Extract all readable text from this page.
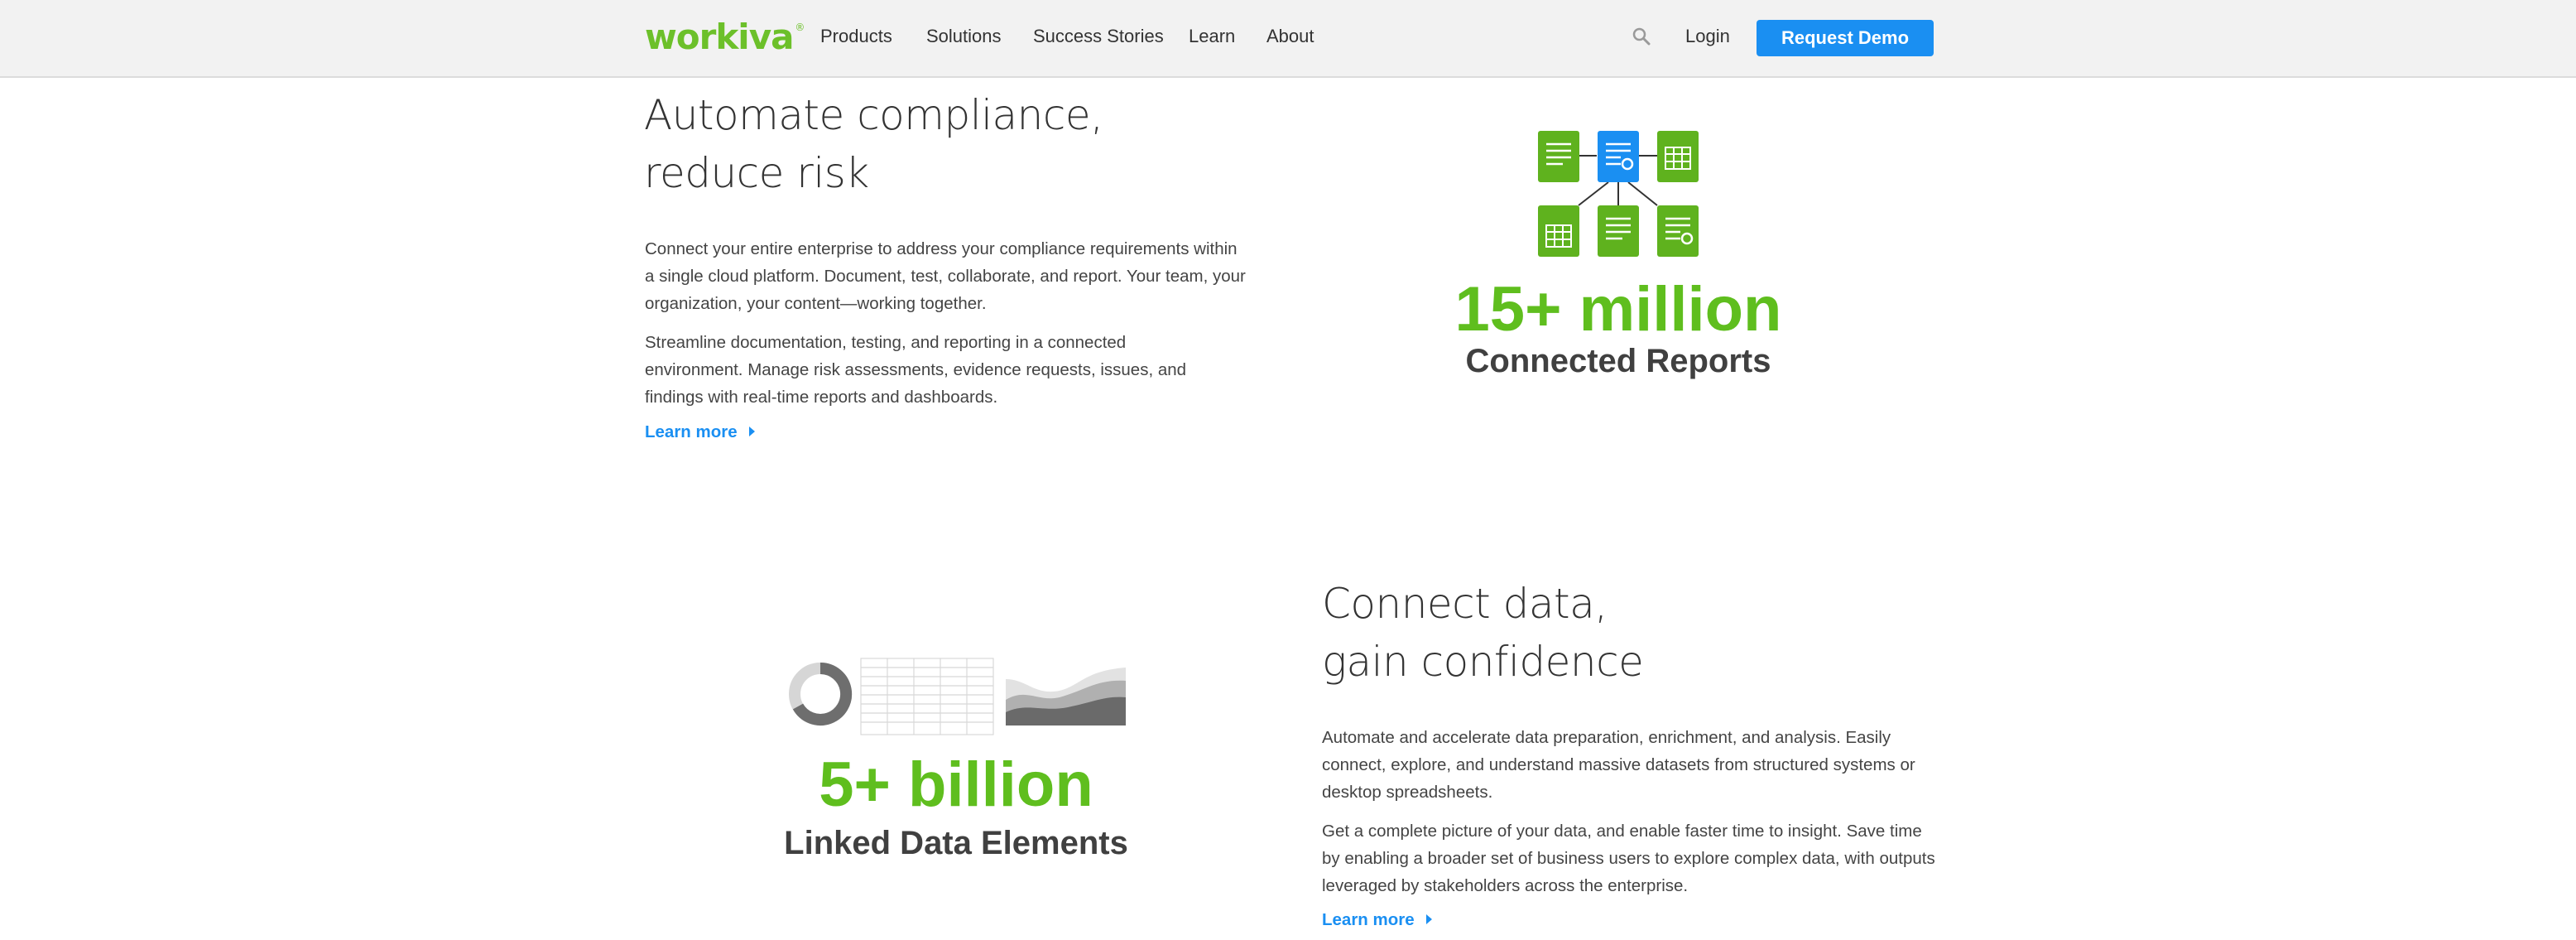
workiva ® Products Solutions Success Stories Learn About	Login	Request Demo
Automate compliance,
reduce risk

Connect your entire enterprise to address your compliance requirements within a single cloud platform. Document, test, collaborate, and report. Your team, your organization, your content—working together.

Streamline documentation, testing, and reporting in a connected environment. Manage risk assessments, evidence requests, issues, and findings with real-time reports and dashboards.

Learn more
15+ million
Connected Reports
5+ billion
Linked Data Elements
Connect data,
gain confidence

Automate and accelerate data preparation, enrichment, and analysis. Easily connect, explore, and understand massive datasets from structured systems or desktop spreadsheets.

Get a complete picture of your data, and enable faster time to insight. Save time by enabling a broader set of business users to explore complex data, with outputs leveraged by stakeholders across the enterprise.

Learn more
